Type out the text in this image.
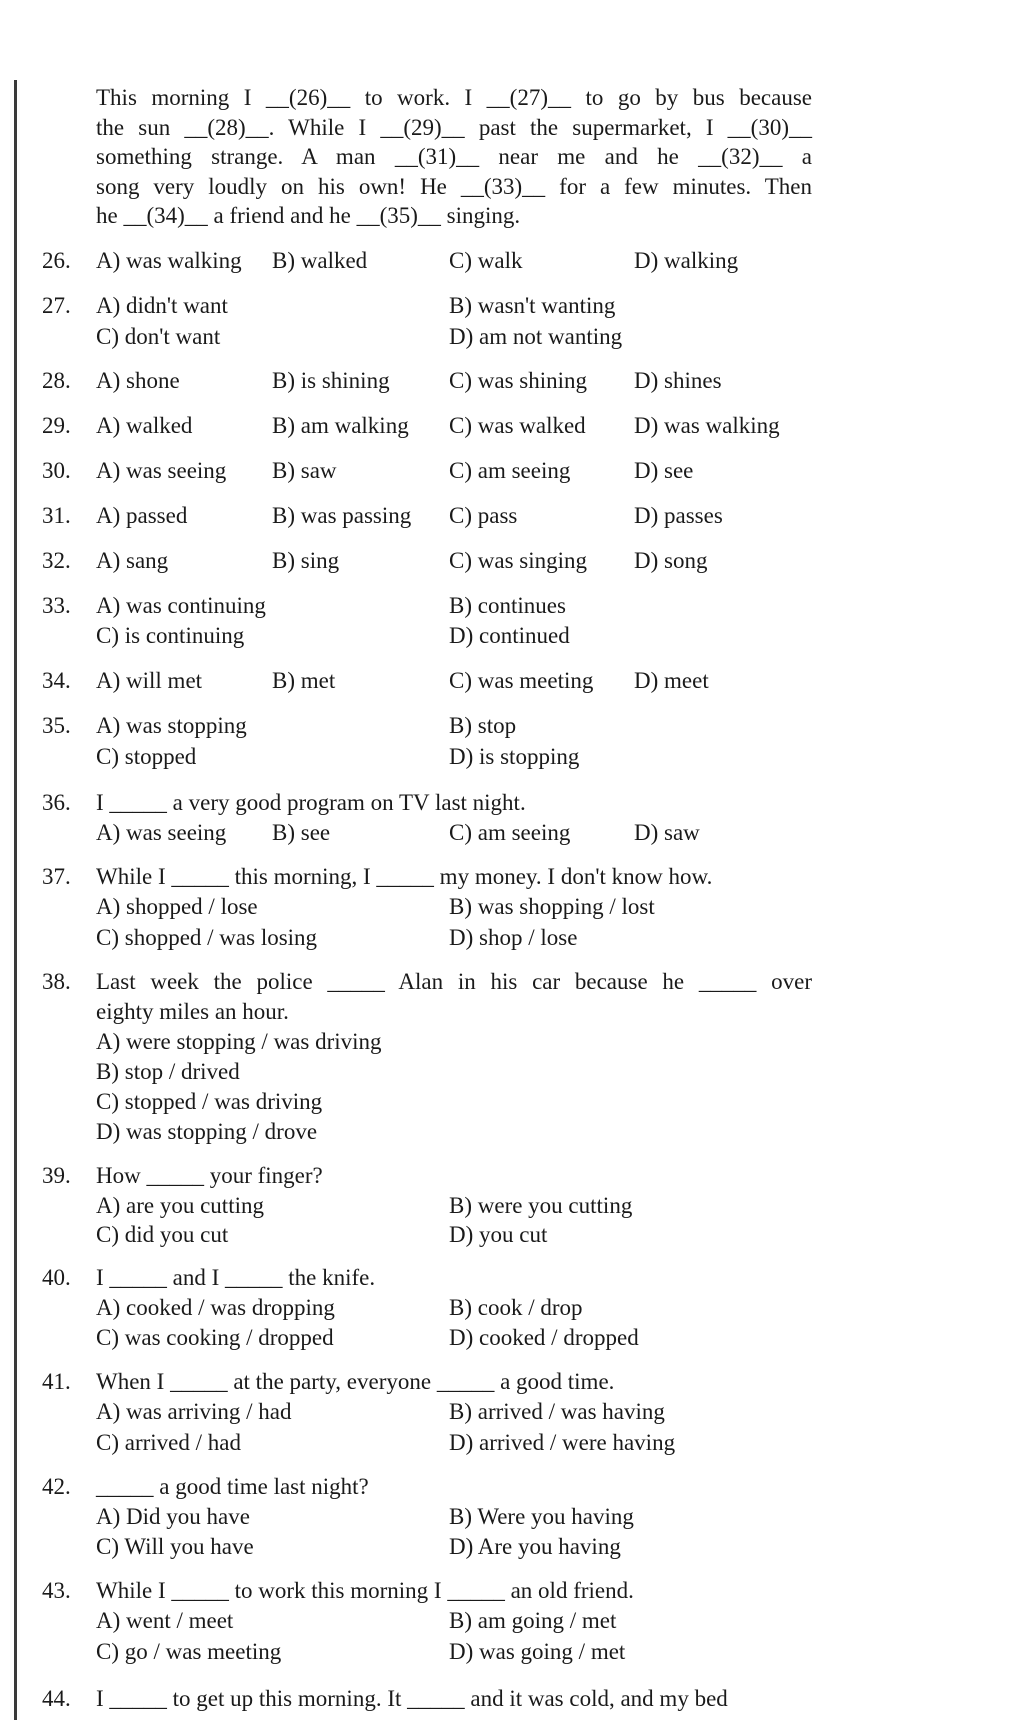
This morning I __(26)__ to work. I __(27)__ to go by bus because
the sun __(28)__. While I __(29)__ past the supermarket, I __(30)__
something strange. A man __(31)__ near me and he __(32)__ a
song very loudly on his own! He __(33)__ for a few minutes. Then
he __(34)__ a friend and he __(35)__ singing.
26. A) was walking B) walked	C) walk	D) walking
27. A) didn't want	B) wasn't wanting
C) don't want	D) am not wanting
28. A) shone	B) is shining	C) was shining D) shines
29. A) walked	B) am walking C) was walked D) was walking
30. A) was seeing B) saw	C) am seeing	D) see
31. A) passed	B) was passing C) pass	D) passes
32. A) sang	B) sing	C) was singing D) song
33. A) was continuing	B) continues
C) is continuing	D) continued
34. A) will met	B) met	C) was meeting D) meet
35. A) was stopping	B) stop
C) stopped	D) is stopping
36. I _____ a very good program on TV last night.
A) was seeing B) see	C) am seeing	D) saw
37. While I _____ this morning, I _____ my money. I don't know how.
A) shopped / lose	B) was shopping / lost
C) shopped / was losing	D) shop / lose
38. Last week the police _____ Alan in his car because he _____ over
eighty miles an hour.
A) were stopping / was driving
B) stop / drived
C) stopped / was driving
D) was stopping / drove
39. How _____ your finger?
A) are you cutting	B) were you cutting
C) did you cut	D) you cut
40. I _____ and I _____ the knife.
A) cooked / was dropping	B) cook / drop
C) was cooking / dropped	D) cooked / dropped
41. When I _____ at the party, everyone _____ a good time.
A) was arriving / had	B) arrived / was having
C) arrived / had	D) arrived / were having
42. _____ a good time last night?
A) Did you have	B) Were you having
C) Will you have	D) Are you having
43. While I _____ to work this morning I _____ an old friend.
A) went / meet	B) am going / met
C) go / was meeting	D) was going / met
44. I _____ to get up this morning. It _____ and it was cold, and my bed
